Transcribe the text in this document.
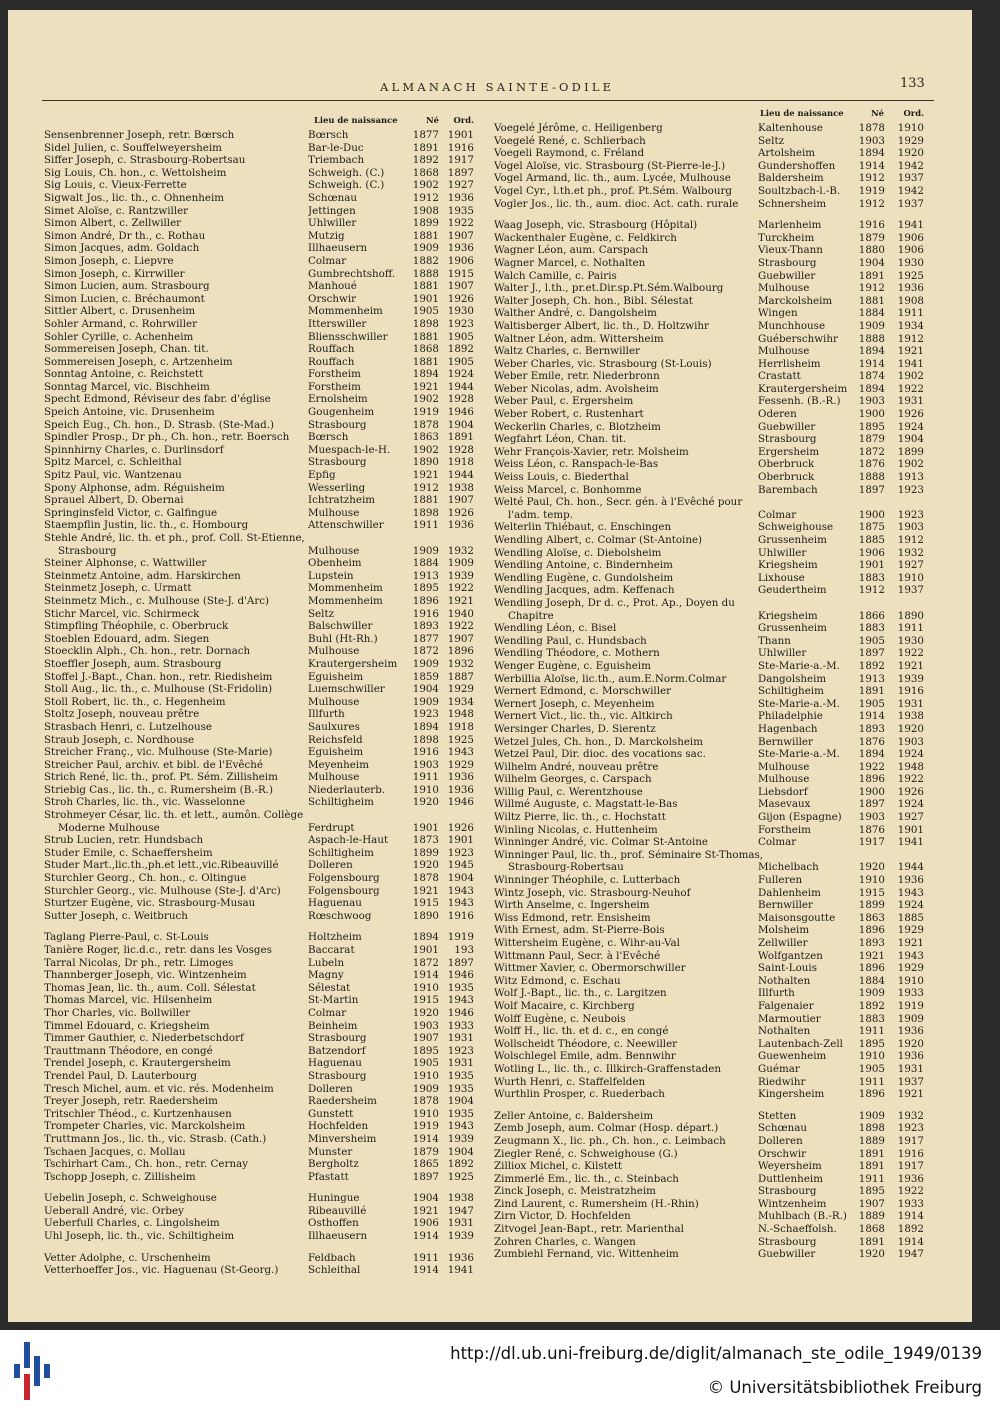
ALMANACH SAINTE-ODILE	133
Lieu de naissance	Né	Ord.
Sensenbrenner Joseph, retr. Bœrsch	Bœrsch	1877 1901
Sidel Julien, c. Souffelweyersheim	Bar-le-Duc	1891 1916
Siffer Joseph, c. Strasbourg-Robertsau	Triembach	1892 1917
Sig Louis, Ch. hon., c. Wettolsheim	Schweigh. (C.)	1868 1897
Sig Louis, c. Vieux-Ferrette	Schweigh. (C.)	1902 1927
Sigwalt Jos., lic. th., c. Ohnenheim	Schœnau	1912 1936
Simet Aloïse, c. Rantzwiller	Jettingen	1908 1935
Simon Albert, c. Zellwiller	Uhlwiller	1899 1922
Simon André, Dr th., c. Rothau	Mutzig	1881 1907
Simon Jacques, adm. Goldach	Illhaeusern	1909 1936
Simon Joseph, c. Liepvre	Colmar	1882 1906
Simon Joseph, c. Kirrwiller	Gumbrechtshoff.	1888 1915
Simon Lucien, aum. Strasbourg	Manhoué	1881 1907
Simon Lucien, c. Bréchaumont	Orschwir	1901 1926
Sittler Albert, c. Drusenheim	Mommenheim	1905 1930
Sohler Armand, c. Rohrwiller	Itterswiller	1898 1923
Sohler Cyrille, c. Achenheim	Bliensschwiller	1881 1905
Sommereisen Joseph, Chan. tit.	Rouffach	1868 1892
Sommereisen Joseph, c. Artzenheim	Rouffach	1881 1905
Sonntag Antoine, c. Reichstett	Forstheim	1894 1924
Sonntag Marcel, vic. Bischheim	Forstheim	1921 1944
Specht Edmond, Réviseur des fabr. d'église	Ernolsheim	1902 1928
Speich Antoine, vic. Drusenheim	Gougenheim	1919 1946
Speich Eug., Ch. hon., D. Strasb. (Ste-Mad.)	Strasbourg	1878 1904
Spindler Prosp., Dr ph., Ch. hon., retr. Boersch	Bœrsch	1863 1891
Spinnhirny Charles, c. Durlinsdorf	Muespach-le-H.	1902 1928
Spitz Marcel, c. Schleithal	Strasbourg	1890 1918
Spitz Paul, vic. Wantzenau	Epfig	1921 1944
Spony Alphonse, adm. Réguisheim	Wesserling	1912 1938
Sprauel Albert, D. Obernai	Ichtratzheim	1881 1907
Springinsfeld Victor, c. Galfingue	Mulhouse	1898 1926
Staempflin Justin, lic. th., c. Hombourg	Attenschwiller	1911 1936
Stehle André, lic. th. et ph., prof. Coll. St-Etienne, Strasbourg	Mulhouse	1909 1932
Steiner Alphonse, c. Wattwiller	Obenheim	1884 1909
Steinmetz Antoine, adm. Harskirchen	Lupstein	1913 1939
Steinmetz Joseph, c. Urmatt	Mommenheim	1895 1922
Steinmetz Mich., c. Mulhouse (Ste-J. d'Arc)	Mommenheim	1896 1921
Stichr Marcel, vic. Schirmeck	Seltz	1916 1940
Stimpfling Théophile, c. Oberbruck	Balschwiller	1893 1922
Stoeblen Edouard, adm. Siegen	Buhl (Ht-Rh.)	1877 1907
Stoecklin Alph., Ch. hon., retr. Dornach	Mulhouse	1872 1896
Stoeffler Joseph, aum. Strasbourg	Krautergersheim	1909 1932
Stoffel J.-Bapt., Chan. hon., retr. Riedisheim	Eguisheim	1859 1887
Stoll Aug., lic. th., c. Mulhouse (St-Fridolin)	Luemschwiller	1904 1929
Stoll Robert, lic. th., c. Hegenheim	Mulhouse	1909 1934
Stoltz Joseph, nouveau prêtre	Illfurth	1923 1948
Strasbach Henri, c. Lutzelhouse	Saulxures	1894 1918
Straub Joseph, c. Nordhouse	Reichsfeld	1898 1925
Streicher Franç., vic. Mulhouse (Ste-Marie)	Eguisheim	1916 1943
Streicher Paul, archiv. et bibl. de l'Evêché	Meyenheim	1903 1929
Strich René, lic. th., prof. Pt. Sém. Zillisheim	Mulhouse	1911 1936
Striebig Cas., lic. th., c. Rumersheim (B.-R.)	Niederlauterb.	1910 1936
Stroh Charles, lic. th., vic. Wasselonne	Schiltigheim	1920 1946
Strohmeyer César, lic. th. et lett., aumôn. Collège Moderne Mulhouse	Ferdrupt	1901 1926
Strub Lucien, retr. Hundsbach	Aspach-le-Haut	1873 1901
Studer Emile, c. Schaeffersheim	Schiltigheim	1899 1923
Studer Mart.,lic.th.,ph.et lett.,vic.Ribeauvillé	Dolleren	1920 1945
Sturchler Georg., Ch. hon., c. Oltingue	Folgensbourg	1878 1904
Sturchler Georg., vic. Mulhouse (Ste-J. d'Arc)	Folgensbourg	1921 1943
Sturtzer Eugène, vic. Strasbourg-Musau	Haguenau	1915 1943
Sutter Joseph, c. Weitbruch	Rœschwoog	1890 1916
Taglang Pierre-Paul, c. St-Louis	Holtzheim	1894 1919
Tanière Roger, lic.d.c., retr. dans les Vosges	Baccarat	1901	193
Tarral Nicolas, Dr ph., retr. Limoges	Lubeln	1872 1897
Thannberger Joseph, vic. Wintzenheim	Magny	1914 1946
Thomas Jean, lic. th., aum. Coll. Sélestat	Sélestat	1910 1935
Thomas Marcel, vic. Hilsenheim	St-Martin	1915 1943
Thor Charles, vic. Bollwiller	Colmar	1920 1946
Timmel Edouard, c. Kriegsheim	Beinheim	1903 1933
Timmer Gauthier, c. Niederbetschdorf	Strasbourg	1907 1931
Trauttmann Théodore, en congé	Batzendorf	1895 1923
Trendel Joseph, c. Krautergersheim	Haguenau	1905 1931
Trendel Paul, D. Lauterbourg	Strasbourg	1910 1935
Tresch Michel, aum. et vic. rés. Modenheim	Dolleren	1909 1935
Treyer Joseph, retr. Raedersheim	Raedersheim	1878 1904
Tritschler Théod., c. Kurtzenhausen	Gunstett	1910 1935
Trompeter Charles, vic. Marckolsheim	Hochfelden	1919 1943
Truttmann Jos., lic. th., vic. Strasb. (Cath.)	Minversheim	1914 1939
Tschaen Jacques, c. Mollau	Munster	1879 1904
Tschirhart Cam., Ch. hon., retr. Cernay	Bergholtz	1865 1892
Tschopp Joseph, c. Zillisheim	Pfastatt	1897 1925
Uebelin Joseph, c. Schweighouse	Huningue	1904 1938
Ueberall André, vic. Orbey	Ribeauvillé	1921 1947
Ueberfull Charles, c. Lingolsheim	Osthoffen	1906 1931
Uhl Joseph, lic. th., vic. Schiltigheim	Illhaeusern	1914 1939
Vetter Adolphe, c. Urschenheim	Feldbach	1911 1936
Vetterhoeffer Jos., vic. Haguenau (St-Georg.)	Schleithal	1914 1941
Lieu de naissance	Né	Ord.
Voegelé Jérôme, c. Heiligenberg	Kaltenhouse	1878	1910
Voegelé René, c. Schlierbach	Seltz	1903	1929
Voegeli Raymond, c. Fréland	Artolsheim	1894	1920
Vogel Aloïse, vic. Strasbourg (St-Pierre-le-J.)	Gundershoffen	1914	1942
Vogel Armand, lic. th., aum. Lycée, Mulhouse	Baldersheim	1912	1937
Vogel Cyr., l.th.et ph., prof. Pt.Sém. Walbourg	Soultzbach-l.-B.	1919	1942
Vogler Jos., lic. th., aum. dioc. Act. cath. rurale	Schnersheim	1912	1937
Waag Joseph, vic. Strasbourg (Hôpital)	Marlenheim	1916	1941
Wackenthaler Eugène, c. Feldkirch	Turckheim	1879	1906
Wagner Léon, aum. Carspach	Vieux-Thann	1880	1906
Wagner Marcel, c. Nothalten	Strasbourg	1904	1930
Walch Camille, c. Pairis	Guebwiller	1891	1925
Walter J., l.th., pr.et.Dir.sp.Pt.Sém.Walbourg	Mulhouse	1912	1936
Walter Joseph, Ch. hon., Bibl. Sélestat	Marckolsheim	1881	1908
Walther André, c. Dangolsheim	Wingen	1884	1911
Waltisberger Albert, lic. th., D. Holtzwihr	Munchhouse	1909	1934
Waltner Léon, adm. Wittersheim	Guéberschwihr	1888	1912
Waltz Charles, c. Bernwiller	Mulhouse	1894	1921
Weber Charles, vic. Strasbourg (St-Louis)	Herrlisheim	1914	1941
Weber Emile, retr. Niederbronn	Crastatt	1874	1902
Weber Nicolas, adm. Avolsheim	Krautergersheim	1894	1922
Weber Paul, c. Ergersheim	Fessenh. (B.-R.)	1903	1931
Weber Robert, c. Rustenhart	Oderen	1900	1926
Weckerlin Charles, c. Blotzheim	Guebwiller	1895	1924
Wegfahrt Léon, Chan. tit.	Strasbourg	1879	1904
Wehr François-Xavier, retr. Molsheim	Ergersheim	1872	1899
Weiss Léon, c. Ranspach-le-Bas	Oberbruck	1876	1902
Weiss Louis, c. Biederthal	Oberbruck	1888	1913
Weiss Marcel, c. Bonhomme	Barembach	1897	1923
Welté Paul, Ch. hon., Secr. gén. à l'Evêché pour l'adm. temp.	Colmar	1900	1923
Welterlin Thiébaut, c. Enschingen	Schweighouse	1875	1903
Wendling Albert, c. Colmar (St-Antoine)	Grussenheim	1885	1912
Wendling Aloïse, c. Diebolsheim	Uhlwiller	1906	1932
Wendling Antoine, c. Bindernheim	Kriegsheim	1901	1927
Wendling Eugène, c. Gundolsheim	Lixhouse	1883	1910
Wendling Jacques, adm. Keffenach	Geudertheim	1912	1937
Wendling Joseph, Dr d. c., Prot. Ap., Doyen du Chapitre	Kriegsheim	1866	1890
Wendling Léon, c. Bisel	Grussenheim	1883	1911
Wendling Paul, c. Hundsbach	Thann	1905	1930
Wendling Théodore, c. Mothern	Uhlwiller	1897	1922
Wenger Eugène, c. Eguisheim	Ste-Marie-a.-M.	1892	1921
Werbillia Aloïse, lic.th., aum.E.Norm.Colmar	Dangolsheim	1913	1939
Wernert Edmond, c. Morschwiller	Schiltigheim	1891	1916
Wernert Joseph, c. Meyenheim	Ste-Marie-a.-M.	1905	1931
Wernert Vict., lic. th., vic. Altkirch	Philadelphie	1914	1938
Wersinger Charles, D. Sierentz	Hagenbach	1893	1920
Wetzel Jules, Ch. hon., D. Marckolsheim	Bernwiller	1876	1903
Wetzel Paul, Dir. dioc. des vocations sac.	Ste-Marie-a.-M.	1894	1924
Wilhelm André, nouveau prêtre	Mulhouse	1922	1948
Wilhelm Georges, c. Carspach	Mulhouse	1896	1922
Willig Paul, c. Werentzhouse	Liebsdorf	1900	1926
Willmé Auguste, c. Magstatt-le-Bas	Masevaux	1897	1924
Wiltz Pierre, lic. th., c. Hochstatt	Gijon (Espagne)	1903	1927
Winling Nicolas, c. Huttenheim	Forstheim	1876	1901
Winninger André, vic. Colmar St-Antoine	Colmar	1917	1941
Winninger Paul, lic. th., prof. Séminaire St-Thomas, Strasbourg-Robertsau	Michelbach	1920	1944
Winninger Théophile, c. Lutterbach	Fulleren	1910	1936
Wintz Joseph, vic. Strasbourg-Neuhof	Dahlenheim	1915	1943
Wirth Anselme, c. Ingersheim	Bernwiller	1899	1924
Wiss Edmond, retr. Ensisheim	Maisonsgoutte	1863	1885
With Ernest, adm. St-Pierre-Bois	Molsheim	1896	1929
Wittersheim Eugène, c. Wihr-au-Val	Zellwiller	1893	1921
Wittmann Paul, Secr. à l'Evêché	Wolfgantzen	1921	1943
Wittmer Xavier, c. Obermorschwiller	Saint-Louis	1896	1929
Witz Edmond, c. Eschau	Nothalten	1884	1910
Wolf J.-Bapt., lic. th., c. Largitzen	Illfurth	1909	1933
Wolf Macaire, c. Kirchberg	Falgenaier	1892	1919
Wolff Eugène, c. Neubois	Marmoutier	1883	1909
Wolff H., lic. th. et d. c., en congé	Nothalten	1911	1936
Wollscheidt Théodore, c. Neewiller	Lautenbach-Zell	1895	1920
Wolschlegel Emile, adm. Bennwihr	Guewenheim	1910	1936
Wotling L., lic. th., c. Illkirch-Graffenstaden	Guémar	1905	1931
Wurth Henri, c. Staffelfelden	Riedwihr	1911	1937
Wurthlin Prosper, c. Ruederbach	Kingersheim	1896	1921
Zeller Antoine, c. Baldersheim	Stetten	1909	1932
Zemb Joseph, aum. Colmar (Hosp. départ.)	Schœnau	1898	1923
Zeugmann X., lic. ph., Ch. hon., c. Leimbach	Dolleren	1889	1917
Ziegler René, c. Schweighouse (G.)	Orschwir	1891	1916
Zilliox Michel, c. Kilstett	Weyersheim	1891	1917
Zimmerlé Em., lic. th., c. Steinbach	Duttlenheim	1911	1936
Zinck Joseph, c. Meistratzheim	Strasbourg	1895	1922
Zind Laurent, c. Rumersheim (H.-Rhin)	Wintzenheim	1907	1933
Zirn Victor, D. Hochfelden	Muhlbach (B.-R.)	1889	1914
Zitvogel Jean-Bapt., retr. Marienthal	N.-Schaeffolsh.	1868	1892
Zohren Charles, c. Wangen	Strasbourg	1891	1914
Zumbiehl Fernand, vic. Wittenheim	Guebwiller	1920	1947
http://dl.ub.uni-freiburg.de/diglit/almanach_ste_odile_1949/0139
© Universitätsbibliothek Freiburg
